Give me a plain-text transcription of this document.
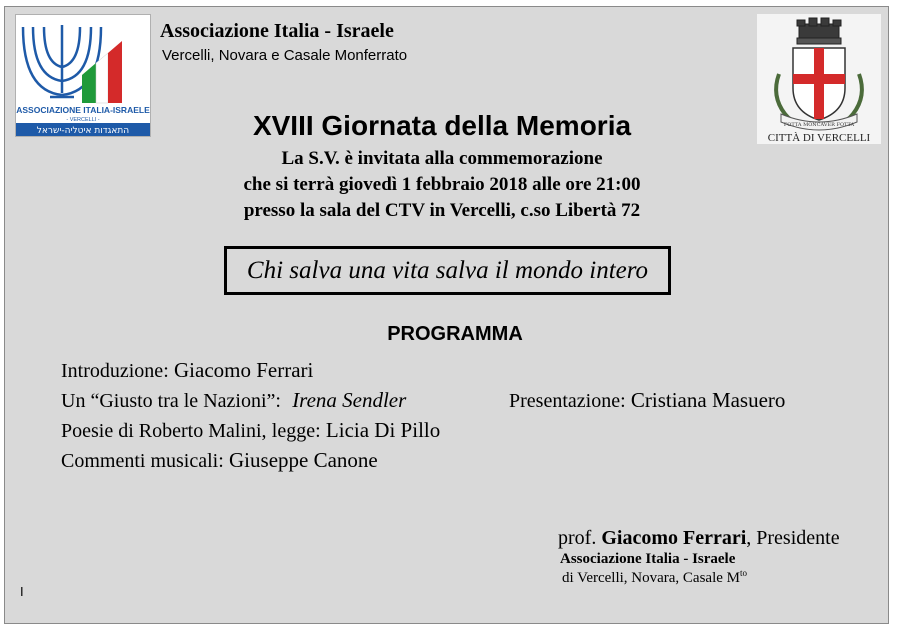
ASSOCIAZIONE ITALIA-ISRAELE
- VERCELLI -
התאגדות איטליה-ישראל
Associazione Italia - Israele
Vercelli, Novara e Casale Monferrato
FOTTA MONCAVER FOTTA
CITTÀ DI VERCELLI
XVIII Giornata della Memoria
La S.V. è invitata alla commemorazione
che si terrà giovedì 1 febbraio 2018 alle ore 21:00
presso la sala del CTV in Vercelli, c.so Libertà 72
Chi salva una vita salva il mondo intero
PROGRAMMA
Introduzione: Giacomo Ferrari
Un “Giusto tra le Nazioni”: Irena Sendler	Presentazione: Cristiana Masuero
Poesie di Roberto Malini, legge: Licia Di Pillo
Commenti musicali: Giuseppe Canone
prof. Giacomo Ferrari, Presidente
Associazione Italia - Israele
di Vercelli, Novara, Casale $M^{to}$
I
